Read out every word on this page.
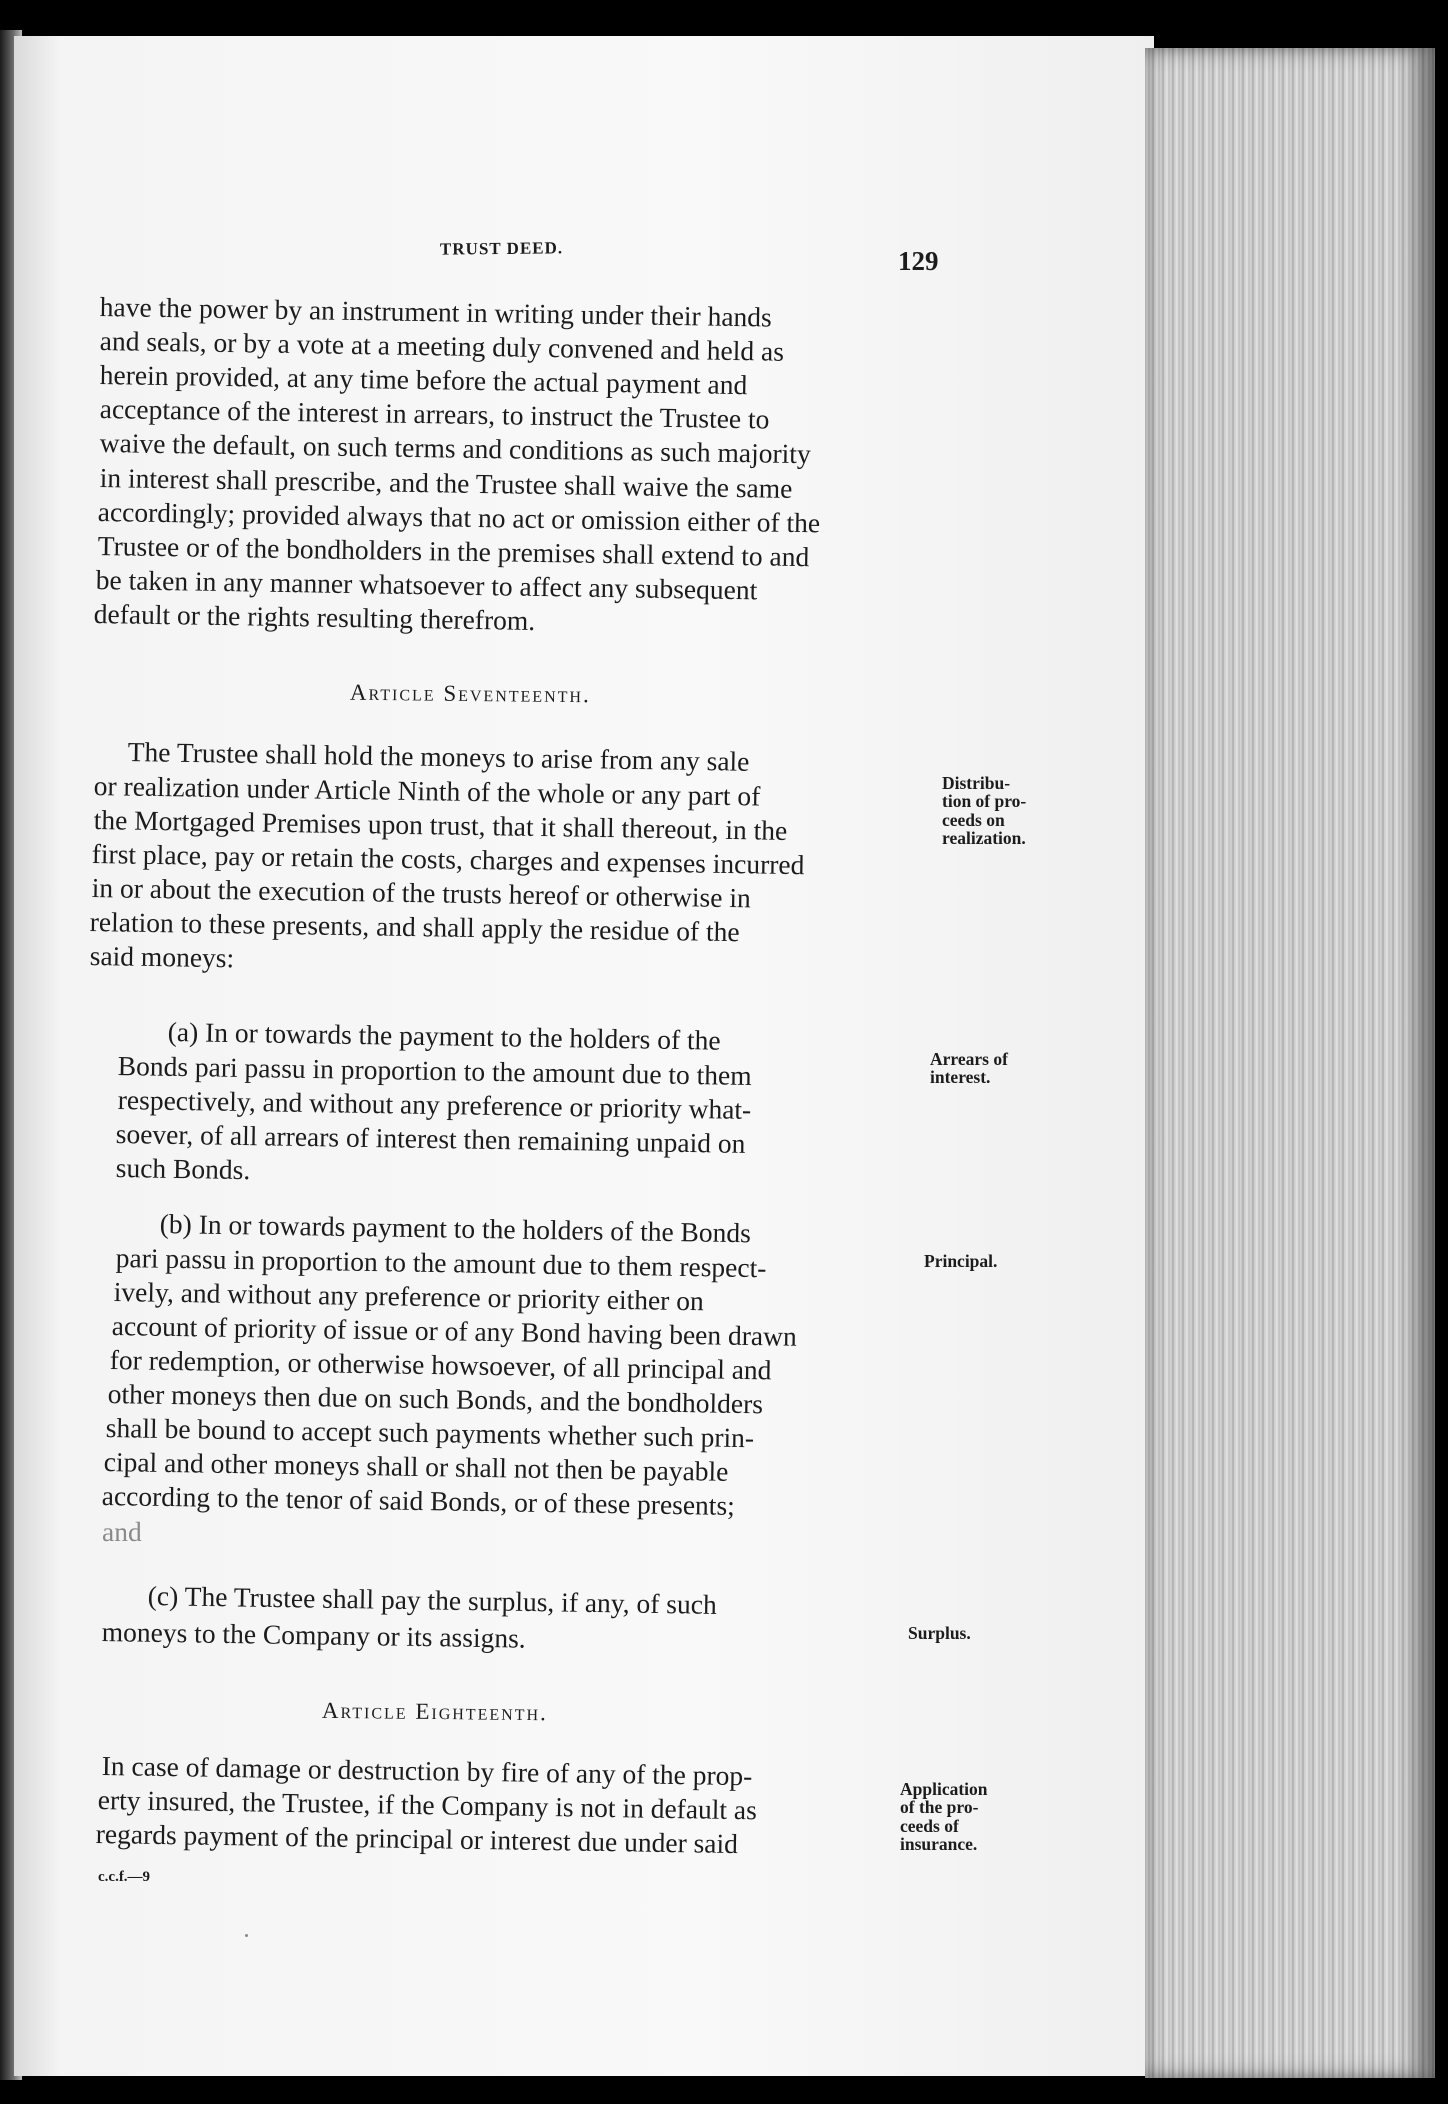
TRUST DEED.	129
have the power by an instrument in writing under their hands
and seals, or by a vote at a meeting duly convened and held as
herein provided, at any time before the actual payment and
acceptance of the interest in arrears, to instruct the Trustee to
waive the default, on such terms and conditions as such majority
in interest shall prescribe, and the Trustee shall waive the same
accordingly; provided always that no act or omission either of the
Trustee or of the bondholders in the premises shall extend to and
be taken in any manner whatsoever to affect any subsequent
default or the rights resulting therefrom.
Article Seventeenth.
The Trustee shall hold the moneys to arise from any sale
or realization under Article Ninth of the whole or any part of
the Mortgaged Premises upon trust, that it shall thereout, in the
first place, pay or retain the costs, charges and expenses incurred
in or about the execution of the trusts hereof or otherwise in
relation to these presents, and shall apply the residue of the
said moneys:
(a) In or towards the payment to the holders of the
Bonds pari passu in proportion to the amount due to them
respectively, and without any preference or priority what-
soever, of all arrears of interest then remaining unpaid on
such Bonds.
(b) In or towards payment to the holders of the Bonds
pari passu in proportion to the amount due to them respect-
ively, and without any preference or priority either on
account of priority of issue or of any Bond having been drawn
for redemption, or otherwise howsoever, of all principal and
other moneys then due on such Bonds, and the bondholders
shall be bound to accept such payments whether such prin-
cipal and other moneys shall or shall not then be payable
according to the tenor of said Bonds, or of these presents;
and
(c) The Trustee shall pay the surplus, if any, of such
moneys to the Company or its assigns.
Article Eighteenth.
In case of damage or destruction by fire of any of the prop-
erty insured, the Trustee, if the Company is not in default as
regards payment of the principal or interest due under said
Distribu-
tion of pro-
ceeds on
realization.
Arrears of
interest.
Principal.
Surplus.
Application
of the pro-
ceeds of
insurance.
c.c.f.—9
